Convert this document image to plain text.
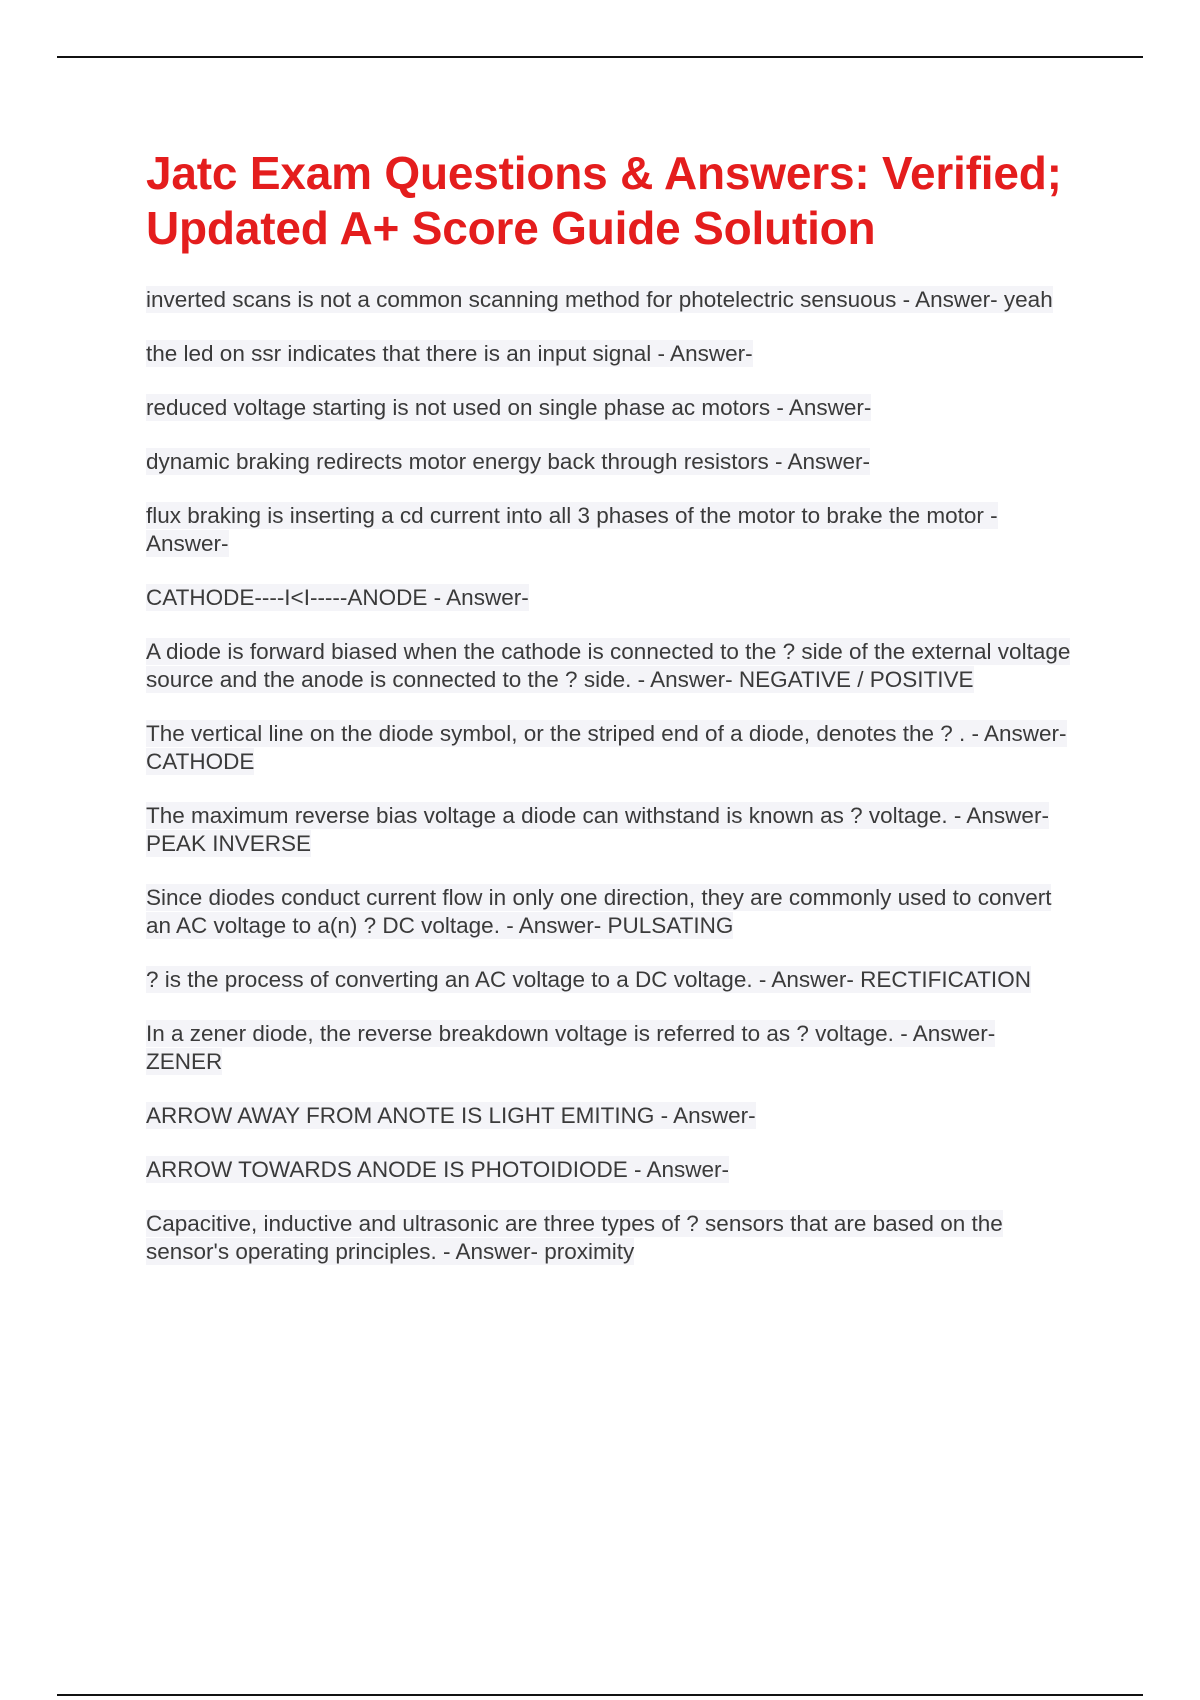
Jatc Exam Questions & Answers: Verified; Updated A+ Score Guide Solution
inverted scans is not a common scanning method for photelectric sensuous - Answer- yeah
the led on ssr indicates that there is an input signal - Answer-
reduced voltage starting is not used on single phase ac motors - Answer-
dynamic braking redirects motor energy back through resistors - Answer-
flux braking is inserting a cd current into all 3 phases of the motor to brake the motor - Answer-
CATHODE----I<I-----ANODE - Answer-
A diode is forward biased when the cathode is connected to the ? side of the external voltage source and the anode is connected to the ? side. - Answer- NEGATIVE / POSITIVE
The vertical line on the diode symbol, or the striped end of a diode, denotes the ? . - Answer- CATHODE
The maximum reverse bias voltage a diode can withstand is known as ? voltage. - Answer- PEAK INVERSE
Since diodes conduct current flow in only one direction, they are commonly used to convert an AC voltage to a(n) ? DC voltage. - Answer- PULSATING
? is the process of converting an AC voltage to a DC voltage. - Answer- RECTIFICATION
In a zener diode, the reverse breakdown voltage is referred to as ? voltage. - Answer- ZENER
ARROW AWAY FROM ANOTE IS LIGHT EMITING - Answer-
ARROW TOWARDS ANODE IS PHOTOIDIODE - Answer-
Capacitive, inductive and ultrasonic are three types of ? sensors that are based on the sensor's operating principles. - Answer- proximity
